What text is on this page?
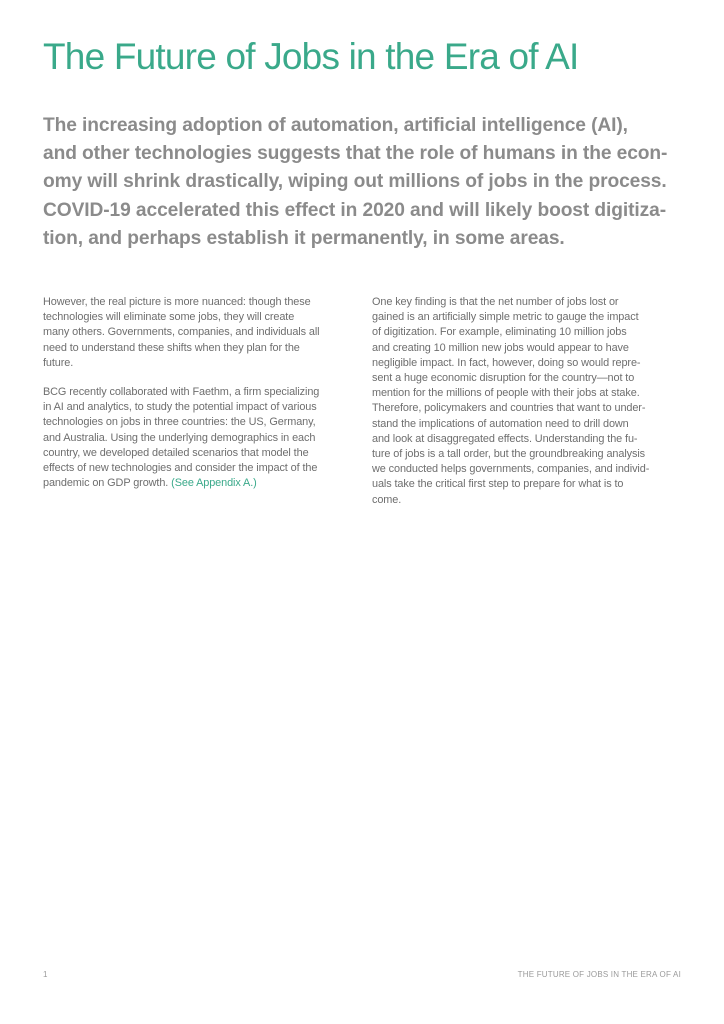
The Future of Jobs in the Era of AI
The increasing adoption of automation, artificial intelligence (AI),
and other technologies suggests that the role of humans in the econ-
omy will shrink drastically, wiping out millions of jobs in the process.
COVID-19 accelerated this effect in 2020 and will likely boost digitiza-
tion, and perhaps establish it permanently, in some areas.

However, the real picture is more nuanced: though these
technologies will eliminate some jobs, they will create
many others. Governments, companies, and individuals all
need to understand these shifts when they plan for the
future.

BCG recently collaborated with Faethm, a firm specializing
in AI and analytics, to study the potential impact of various
technologies on jobs in three countries: the US, Germany,
and Australia. Using the underlying demographics in each
country, we developed detailed scenarios that model the
effects of new technologies and consider the impact of the
pandemic on GDP growth. (See Appendix A.)

One key finding is that the net number of jobs lost or
gained is an artificially simple metric to gauge the impact
of digitization. For example, eliminating 10 million jobs
and creating 10 million new jobs would appear to have
negligible impact. In fact, however, doing so would repre-
sent a huge economic disruption for the country—not to
mention for the millions of people with their jobs at stake.
Therefore, policymakers and countries that want to under-
stand the implications of automation need to drill down
and look at disaggregated effects. Understanding the fu-
ture of jobs is a tall order, but the groundbreaking analysis
we conducted helps governments, companies, and individ-
uals take the critical first step to prepare for what is to
come.

1	THE FUTURE OF JOBS IN THE ERA OF AI
